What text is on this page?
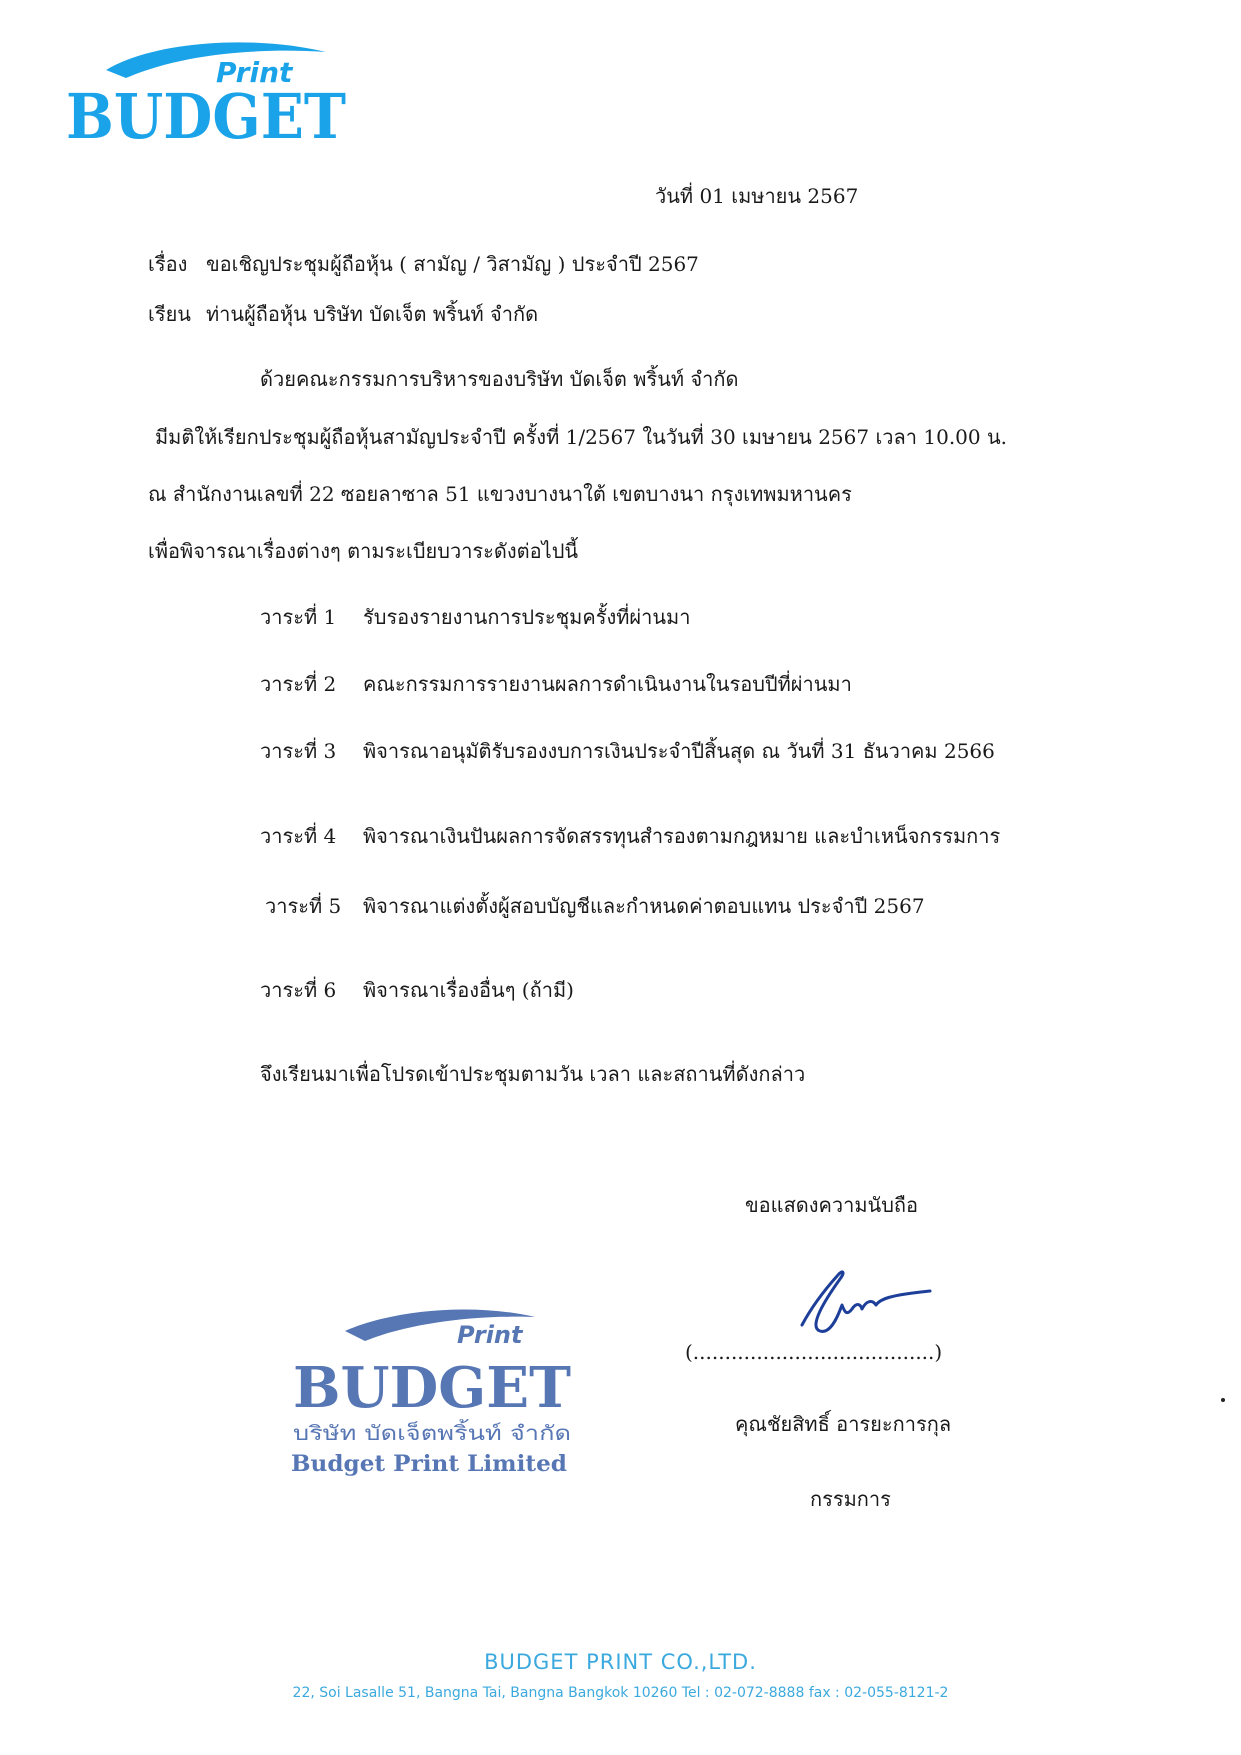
Print
BUDGET
วันที่ 01 เมษายน 2567
เรื่อง ขอเชิญประชุมผู้ถือหุ้น ( สามัญ / วิสามัญ ) ประจำปี 2567
เรียน ท่านผู้ถือหุ้น บริษัท บัดเจ็ต พริ้นท์ จำกัด
ด้วยคณะกรรมการบริหารของบริษัท บัดเจ็ต พริ้นท์ จำกัด
มีมติให้เรียกประชุมผู้ถือหุ้นสามัญประจำปี ครั้งที่ 1/2567 ในวันที่ 30 เมษายน 2567 เวลา 10.00 น.
ณ สำนักงานเลขที่ 22 ซอยลาซาล 51 แขวงบางนาใต้ เขตบางนา กรุงเทพมหานคร
เพื่อพิจารณาเรื่องต่างๆ ตามระเบียบวาระดังต่อไปนี้
วาระที่ 1 รับรองรายงานการประชุมครั้งที่ผ่านมา
วาระที่ 2 คณะกรรมการรายงานผลการดำเนินงานในรอบปีที่ผ่านมา
วาระที่ 3 พิจารณาอนุมัติรับรองงบการเงินประจำปีสิ้นสุด ณ วันที่ 31 ธันวาคม 2566
วาระที่ 4 พิจารณาเงินปันผลการจัดสรรทุนสำรองตามกฎหมาย และบำเหน็จกรรมการ
วาระที่ 5 พิจารณาแต่งตั้งผู้สอบบัญชีและกำหนดค่าตอบแทน ประจำปี 2567
วาระที่ 6 พิจารณาเรื่องอื่นๆ (ถ้ามี)
จึงเรียนมาเพื่อโปรดเข้าประชุมตามวัน เวลา และสถานที่ดังกล่าว
ขอแสดงความนับถือ
(......................................)
คุณชัยสิทธิ์ อารยะการกุล
กรรมการ
Print
BUDGET
บริษัท บัดเจ็ตพริ้นท์ จำกัด
Budget Print Limited
BUDGET PRINT CO.,LTD.
22, Soi Lasalle 51, Bangna Tai, Bangna Bangkok 10260 Tel : 02-072-8888 fax : 02-055-8121-2
